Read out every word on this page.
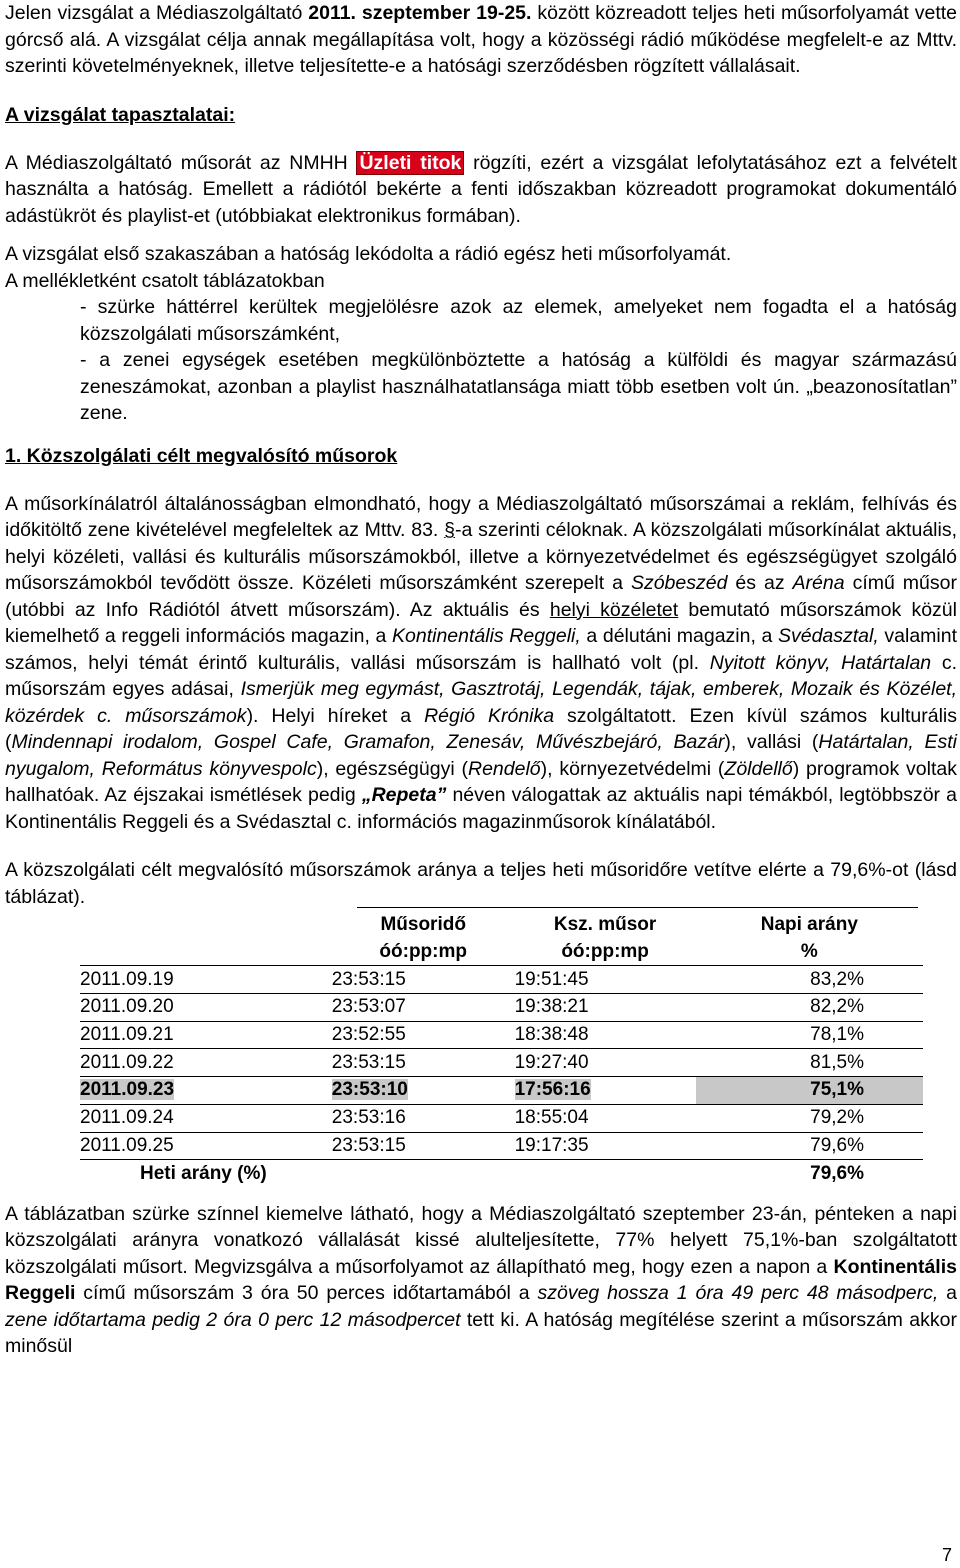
Jelen vizsgálat a Médiaszolgáltató 2011. szeptember 19-25. között közreadott teljes heti műsorfolyamát vette górcső alá. A vizsgálat célja annak megállapítása volt, hogy a közösségi rádió működése megfelelt-e az Mttv. szerinti követelményeknek, illetve teljesítette-e a hatósági szerződésben rögzített vállalásait.

A vizsgálat tapasztalatai:

A Médiaszolgáltató műsorát az NMHH Üzleti titok rögzíti, ezért a vizsgálat lefolytatásához ezt a felvételt használta a hatóság. Emellett a rádiótól bekérte a fenti időszakban közreadott programokat dokumentáló adástükröt és playlist-et (utóbbiakat elektronikus formában).

A vizsgálat első szakaszában a hatóság lekódolta a rádió egész heti műsorfolyamát.

A mellékletként csatolt táblázatokban

- szürke háttérrel kerültek megjelölésre azok az elemek, amelyeket nem fogadta el a hatóság közszolgálati műsorszámként,

- a zenei egységek esetében megkülönböztette a hatóság a külföldi és magyar származású zeneszámokat, azonban a playlist használhatatlansága miatt több esetben volt ún. „beazonosítatlan” zene.

1. Közszolgálati célt megvalósító műsorok

A műsorkínálatról általánosságban elmondható, hogy a Médiaszolgáltató műsorszámai a reklám, felhívás és időkitöltő zene kivételével megfeleltek az Mttv. 83. §-a szerinti céloknak. A közszolgálati műsorkínálat aktuális, helyi közéleti, vallási és kulturális műsorszámokból, illetve a környezetvédelmet és egészségügyet szolgáló műsorszámokból tevődött össze. Közéleti műsorszámként szerepelt a Szóbeszéd és az Aréna című műsor (utóbbi az Info Rádiótól átvett műsorszám). Az aktuális és helyi közéletet bemutató műsorszámok közül kiemelhető a reggeli információs magazin, a Kontinentális Reggeli, a délutáni magazin, a Svédasztal, valamint számos, helyi témát érintő kulturális, vallási műsorszám is hallható volt (pl. Nyitott könyv, Határtalan c. műsorszám egyes adásai, Ismerjük meg egymást, Gasztrotáj, Legendák, tájak, emberek, Mozaik és Közélet, közérdek c. műsorszámok). Helyi híreket a Régió Krónika szolgáltatott. Ezen kívül számos kulturális (Mindennapi irodalom, Gospel Cafe, Gramafon, Zenesáv, Művészbejáró, Bazár), vallási (Határtalan, Esti nyugalom, Református könyvespolc), egészségügyi (Rendelő), környezetvédelmi (Zöldellő) programok voltak hallhatóak. Az éjszakai ismétlések pedig „Repeta” néven válogattak az aktuális napi témákból, legtöbbször a Kontinentális Reggeli és a Svédasztal c. információs magazinműsorok kínálatából.

A közszolgálati célt megvalósító műsorszámok aránya a teljes heti műsoridőre vetítve elérte a 79,6%-ot (lásd táblázat).

	Műsoridő	Ksz. műsor	Napi arány
	óó:pp:mp	óó:pp:mp	%
2011.09.19	23:53:15	19:51:45	83,2%
2011.09.20	23:53:07	19:38:21	82,2%
2011.09.21	23:52:55	18:38:48	78,1%
2011.09.22	23:53:15	19:27:40	81,5%
2011.09.23	23:53:10	17:56:16	75,1%
2011.09.24	23:53:16	18:55:04	79,2%
2011.09.25	23:53:15	19:17:35	79,6%
Heti arány (%)			79,6%

A táblázatban szürke színnel kiemelve látható, hogy a Médiaszolgáltató szeptember 23-án, pénteken a napi közszolgálati arányra vonatkozó vállalását kissé alulteljesítette, 77% helyett 75,1%-ban szolgáltatott közszolgálati műsort. Megvizsgálva a műsorfolyamot az állapítható meg, hogy ezen a napon a Kontinentális Reggeli című műsorszám 3 óra 50 perces időtartamából a szöveg hossza 1 óra 49 perc 48 másodperc, a zene időtartama pedig 2 óra 0 perc 12 másodpercet tett ki. A hatóság megítélése szerint a műsorszám akkor minősül

7
